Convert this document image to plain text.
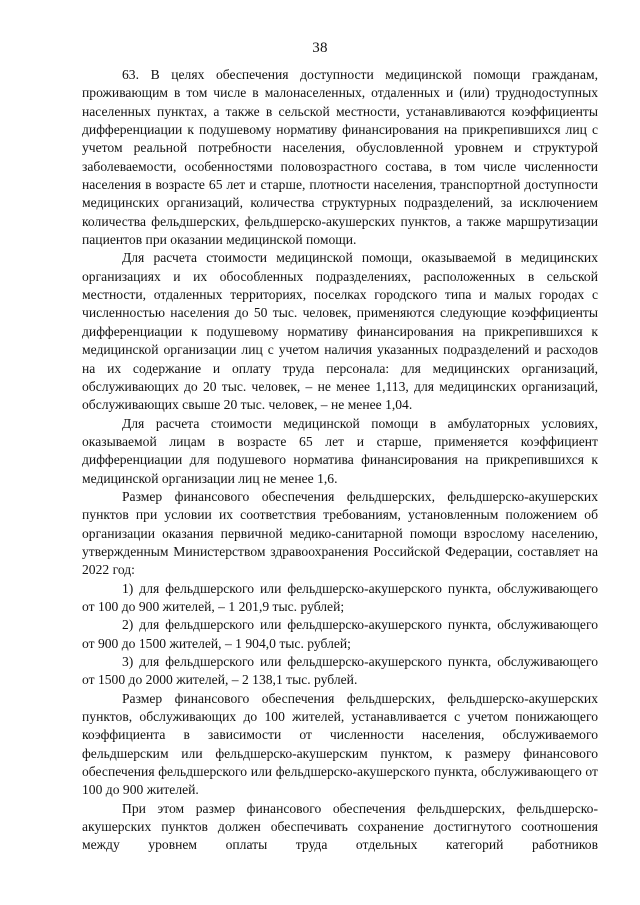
38

63. В целях обеспечения доступности медицинской помощи гражданам, проживающим в том числе в малонаселенных, отдаленных и (или) труднодоступных населенных пунктах, а также в сельской местности, устанавливаются коэффициенты дифференциации к подушевому нормативу финансирования на прикрепившихся лиц с учетом реальной потребности населения, обусловленной уровнем и структурой заболеваемости, особенностями половозрастного состава, в том числе численности населения в возрасте 65 лет и старше, плотности населения, транспортной доступности медицинских организаций, количества структурных подразделений, за исключением количества фельдшерских, фельдшерско-акушерских пунктов, а также маршрутизации пациентов при оказании медицинской помощи.

Для расчета стоимости медицинской помощи, оказываемой в медицинских организациях и их обособленных подразделениях, расположенных в сельской местности, отдаленных территориях, поселках городского типа и малых городах с численностью населения до 50 тыс. человек, применяются следующие коэффициенты дифференциации к подушевому нормативу финансирования на прикрепившихся к медицинской организации лиц с учетом наличия указанных подразделений и расходов на их содержание и оплату труда персонала: для медицинских организаций, обслуживающих до 20 тыс. человек, – не менее 1,113, для медицинских организаций, обслуживающих свыше 20 тыс. человек, – не менее 1,04.

Для расчета стоимости медицинской помощи в амбулаторных условиях, оказываемой лицам в возрасте 65 лет и старше, применяется коэффициент дифференциации для подушевого норматива финансирования на прикрепившихся к медицинской организации лиц не менее 1,6.

Размер финансового обеспечения фельдшерских, фельдшерско-акушерских пунктов при условии их соответствия требованиям, установленным положением об организации оказания первичной медико-санитарной помощи взрослому населению, утвержденным Министерством здравоохранения Российской Федерации, составляет на 2022 год:

1) для фельдшерского или фельдшерско-акушерского пункта, обслуживающего от 100 до 900 жителей, – 1 201,9 тыс. рублей;

2) для фельдшерского или фельдшерско-акушерского пункта, обслуживающего от 900 до 1500 жителей, – 1 904,0 тыс. рублей;

3) для фельдшерского или фельдшерско-акушерского пункта, обслуживающего от 1500 до 2000 жителей, – 2 138,1 тыс. рублей.

Размер финансового обеспечения фельдшерских, фельдшерско-акушерских пунктов, обслуживающих до 100 жителей, устанавливается с учетом понижающего коэффициента в зависимости от численности населения, обслуживаемого фельдшерским или фельдшерско-акушерским пунктом, к размеру финансового обеспечения фельдшерского или фельдшерско-акушерского пункта, обслуживающего от 100 до 900 жителей.

При этом размер финансового обеспечения фельдшерских, фельдшерско-акушерских пунктов должен обеспечивать сохранение достигнутого соотношения между уровнем оплаты труда отдельных категорий работников
